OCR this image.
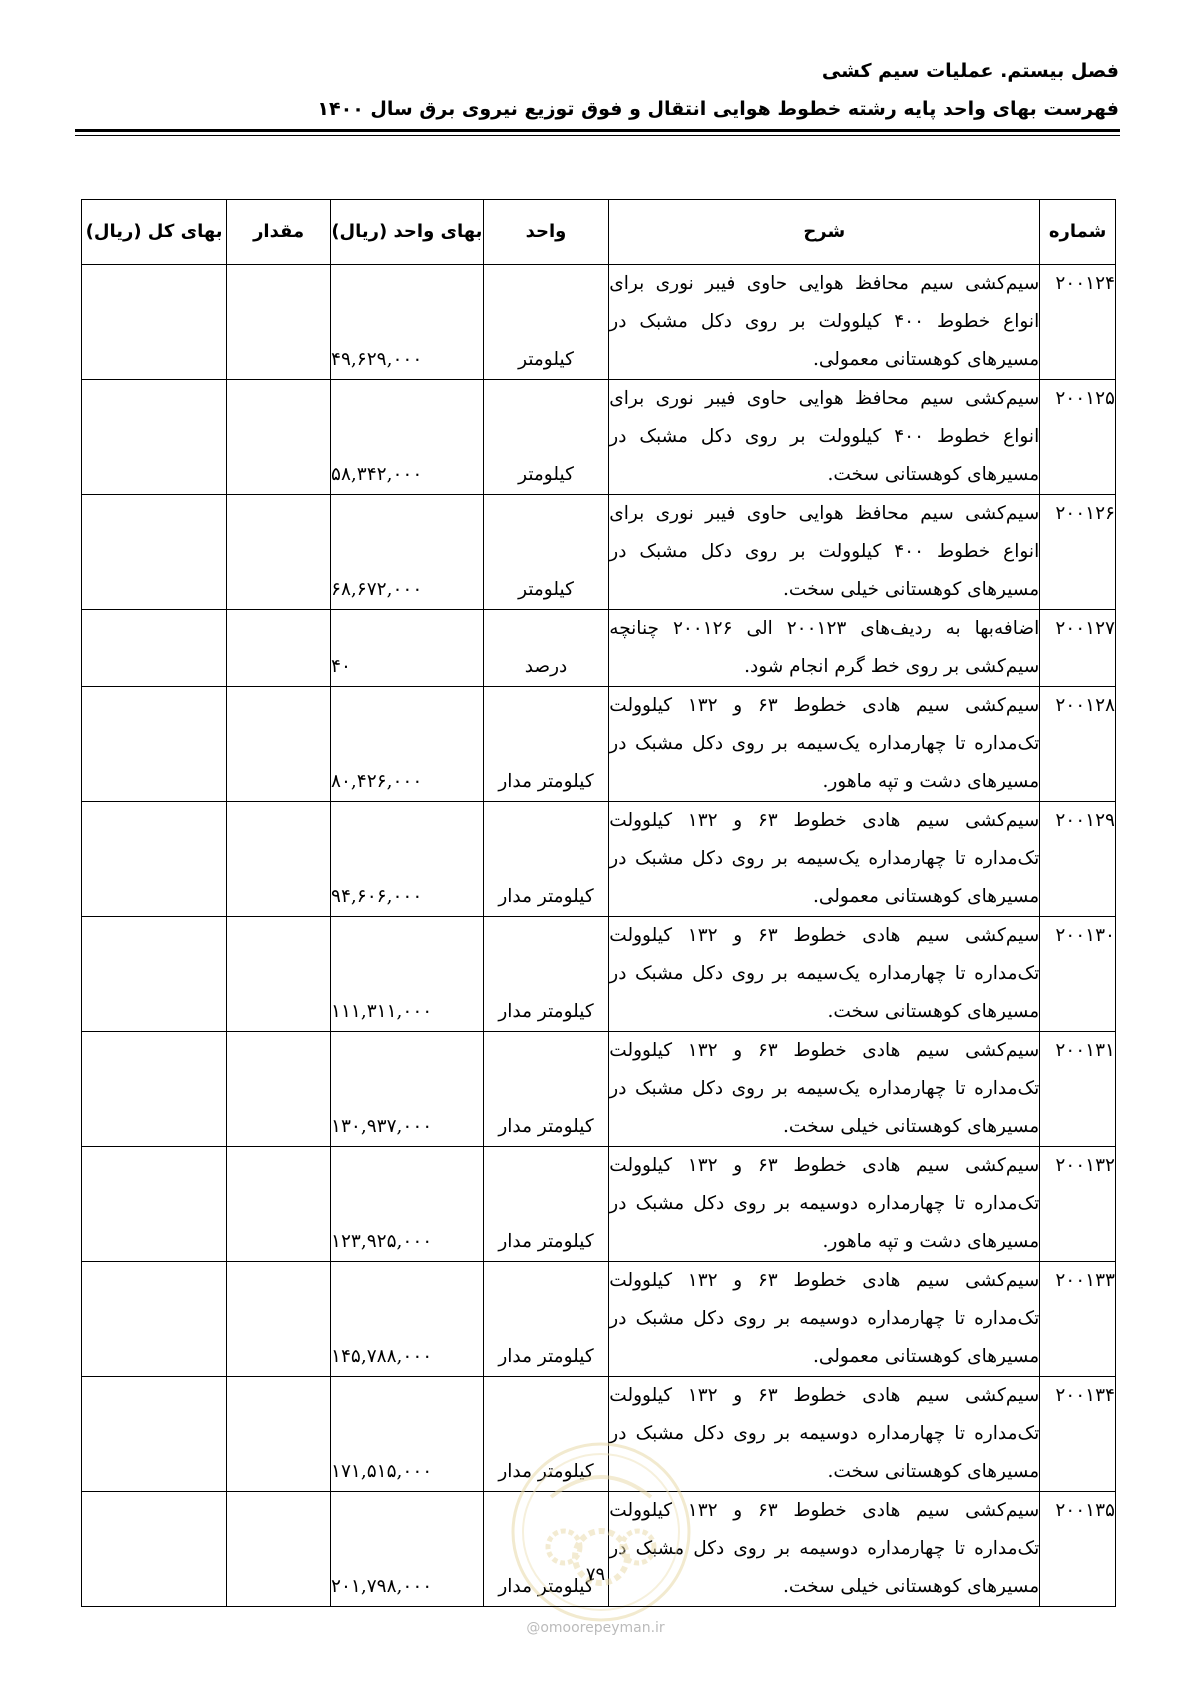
فصل بیستم. عملیات سیم کشی
فهرست بهای واحد پایه رشته خطوط هوایی انتقال و فوق توزیع نیروی برق سال ۱۴۰۰
شماره	شرح	واحد	بهای واحد (ریال)	مقدار	بهای کل (ریال)
۲۰۰۱۲۴	سیم‌کشی سیم محافظ هوایی حاوی فیبر نوری برای انواع خطوط ۴۰۰ کیلوولت بر روی دکل مشبک در مسیرهای کوهستانی معمولی.	کیلومتر	۴۹,۶۲۹,۰۰۰		
۲۰۰۱۲۵	سیم‌کشی سیم محافظ هوایی حاوی فیبر نوری برای انواع خطوط ۴۰۰ کیلوولت بر روی دکل مشبک در مسیرهای کوهستانی سخت.	کیلومتر	۵۸,۳۴۲,۰۰۰		
۲۰۰۱۲۶	سیم‌کشی سیم محافظ هوایی حاوی فیبر نوری برای انواع خطوط ۴۰۰ کیلوولت بر روی دکل مشبک در مسیرهای کوهستانی خیلی سخت.	کیلومتر	۶۸,۶۷۲,۰۰۰		
۲۰۰۱۲۷	اضافه‌بها به ردیف‌های ۲۰۰۱۲۳ الی ۲۰۰۱۲۶ چنانچه سیم‌کشی بر روی خط گرم انجام شود.	درصد	۴۰		
۲۰۰۱۲۸	سیم‌کشی سیم هادی خطوط ۶۳ و ۱۳۲ کیلوولت تک‌مداره تا چهارمداره یک‌سیمه بر روی دکل مشبک در مسیرهای دشت و تپه ماهور.	کیلومتر مدار	۸۰,۴۲۶,۰۰۰		
۲۰۰۱۲۹	سیم‌کشی سیم هادی خطوط ۶۳ و ۱۳۲ کیلوولت تک‌مداره تا چهارمداره یک‌سیمه بر روی دکل مشبک در مسیرهای کوهستانی معمولی.	کیلومتر مدار	۹۴,۶۰۶,۰۰۰		
۲۰۰۱۳۰	سیم‌کشی سیم هادی خطوط ۶۳ و ۱۳۲ کیلوولت تک‌مداره تا چهارمداره یک‌سیمه بر روی دکل مشبک در مسیرهای کوهستانی سخت.	کیلومتر مدار	۱۱۱,۳۱۱,۰۰۰		
۲۰۰۱۳۱	سیم‌کشی سیم هادی خطوط ۶۳ و ۱۳۲ کیلوولت تک‌مداره تا چهارمداره یک‌سیمه بر روی دکل مشبک در مسیرهای کوهستانی خیلی سخت.	کیلومتر مدار	۱۳۰,۹۳۷,۰۰۰		
۲۰۰۱۳۲	سیم‌کشی سیم هادی خطوط ۶۳ و ۱۳۲ کیلوولت تک‌مداره تا چهارمداره دوسیمه بر روی دکل مشبک در مسیرهای دشت و تپه ماهور.	کیلومتر مدار	۱۲۳,۹۲۵,۰۰۰		
۲۰۰۱۳۳	سیم‌کشی سیم هادی خطوط ۶۳ و ۱۳۲ کیلوولت تک‌مداره تا چهارمداره دوسیمه بر روی دکل مشبک در مسیرهای کوهستانی معمولی.	کیلومتر مدار	۱۴۵,۷۸۸,۰۰۰		
۲۰۰۱۳۴	سیم‌کشی سیم هادی خطوط ۶۳ و ۱۳۲ کیلوولت تک‌مداره تا چهارمداره دوسیمه بر روی دکل مشبک در مسیرهای کوهستانی سخت.	کیلومتر مدار	۱۷۱,۵۱۵,۰۰۰		
۲۰۰۱۳۵	سیم‌کشی سیم هادی خطوط ۶۳ و ۱۳۲ کیلوولت تک‌مداره تا چهارمداره دوسیمه بر روی دکل مشبک در مسیرهای کوهستانی خیلی سخت.	کیلومتر مدار	۲۰۱,۷۹۸,۰۰۰		
۷۹
@omoorepeyman.ir
